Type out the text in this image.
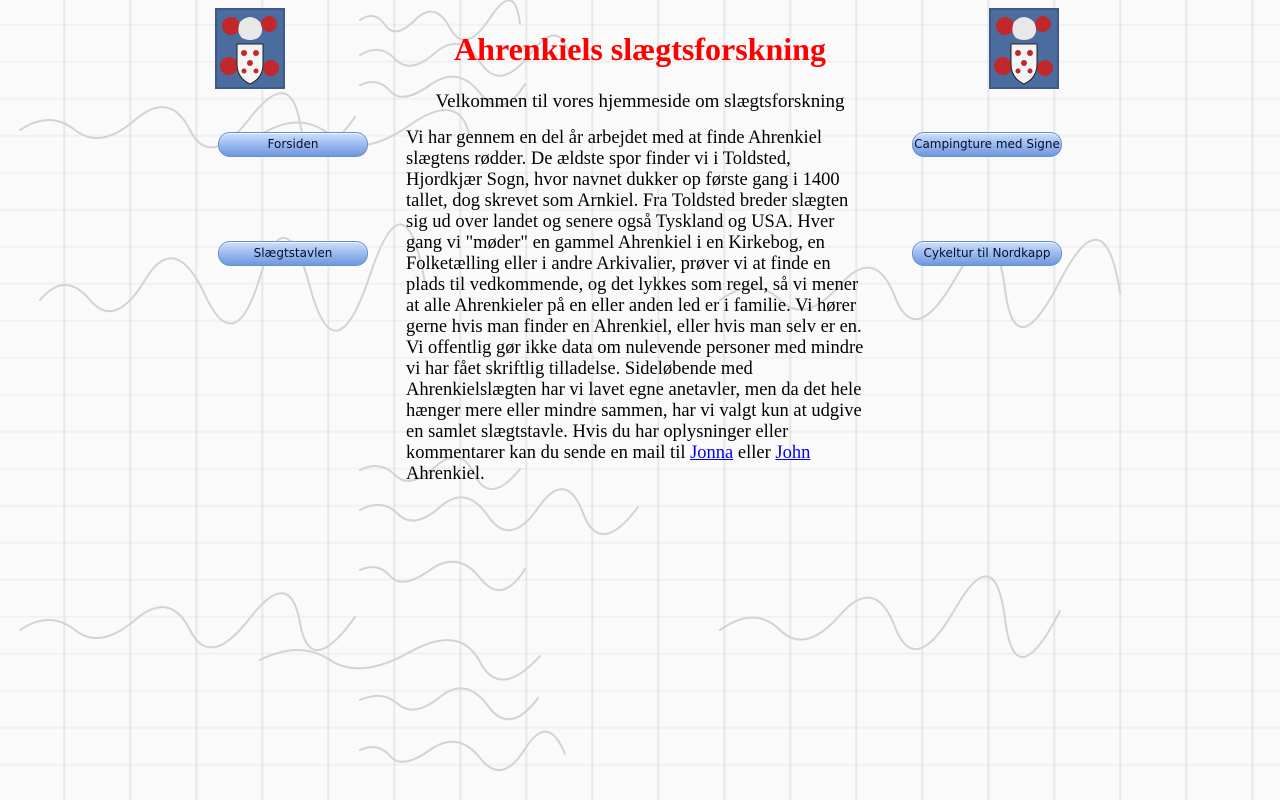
Ahrenkiels slægtsforskning
Velkommen til vores hjemmeside om slægtsforskning
Forsiden
Slægtstavlen
Campingture med Signe
Cykeltur til Nordkapp

Vi har gennem en del år arbejdet med at finde Ahrenkiel slægtens rødder. De ældste spor finder vi i Toldsted, Hjordkjær Sogn, hvor navnet dukker op første gang i 1400 tallet, dog skrevet som Arnkiel. Fra Toldsted breder slægten sig ud over landet og senere også Tyskland og USA. Hver gang vi "møder" en gammel Ahrenkiel i en Kirkebog, en Folketælling eller i andre Arkivalier, prøver vi at finde en plads til vedkommende, og det lykkes som regel, så vi mener at alle Ahrenkieler på en eller anden led er i familie. Vi hører gerne hvis man finder en Ahrenkiel, eller hvis man selv er en. Vi offentlig gør ikke data om nulevende personer med mindre vi har fået skriftlig tilladelse. Sideløbende med Ahrenkielslægten har vi lavet egne anetavler, men da det hele hænger mere eller mindre sammen, har vi valgt kun at udgive en samlet slægtstavle. Hvis du har oplysninger eller kommentarer kan du sende en mail til Jonna eller John Ahrenkiel.
